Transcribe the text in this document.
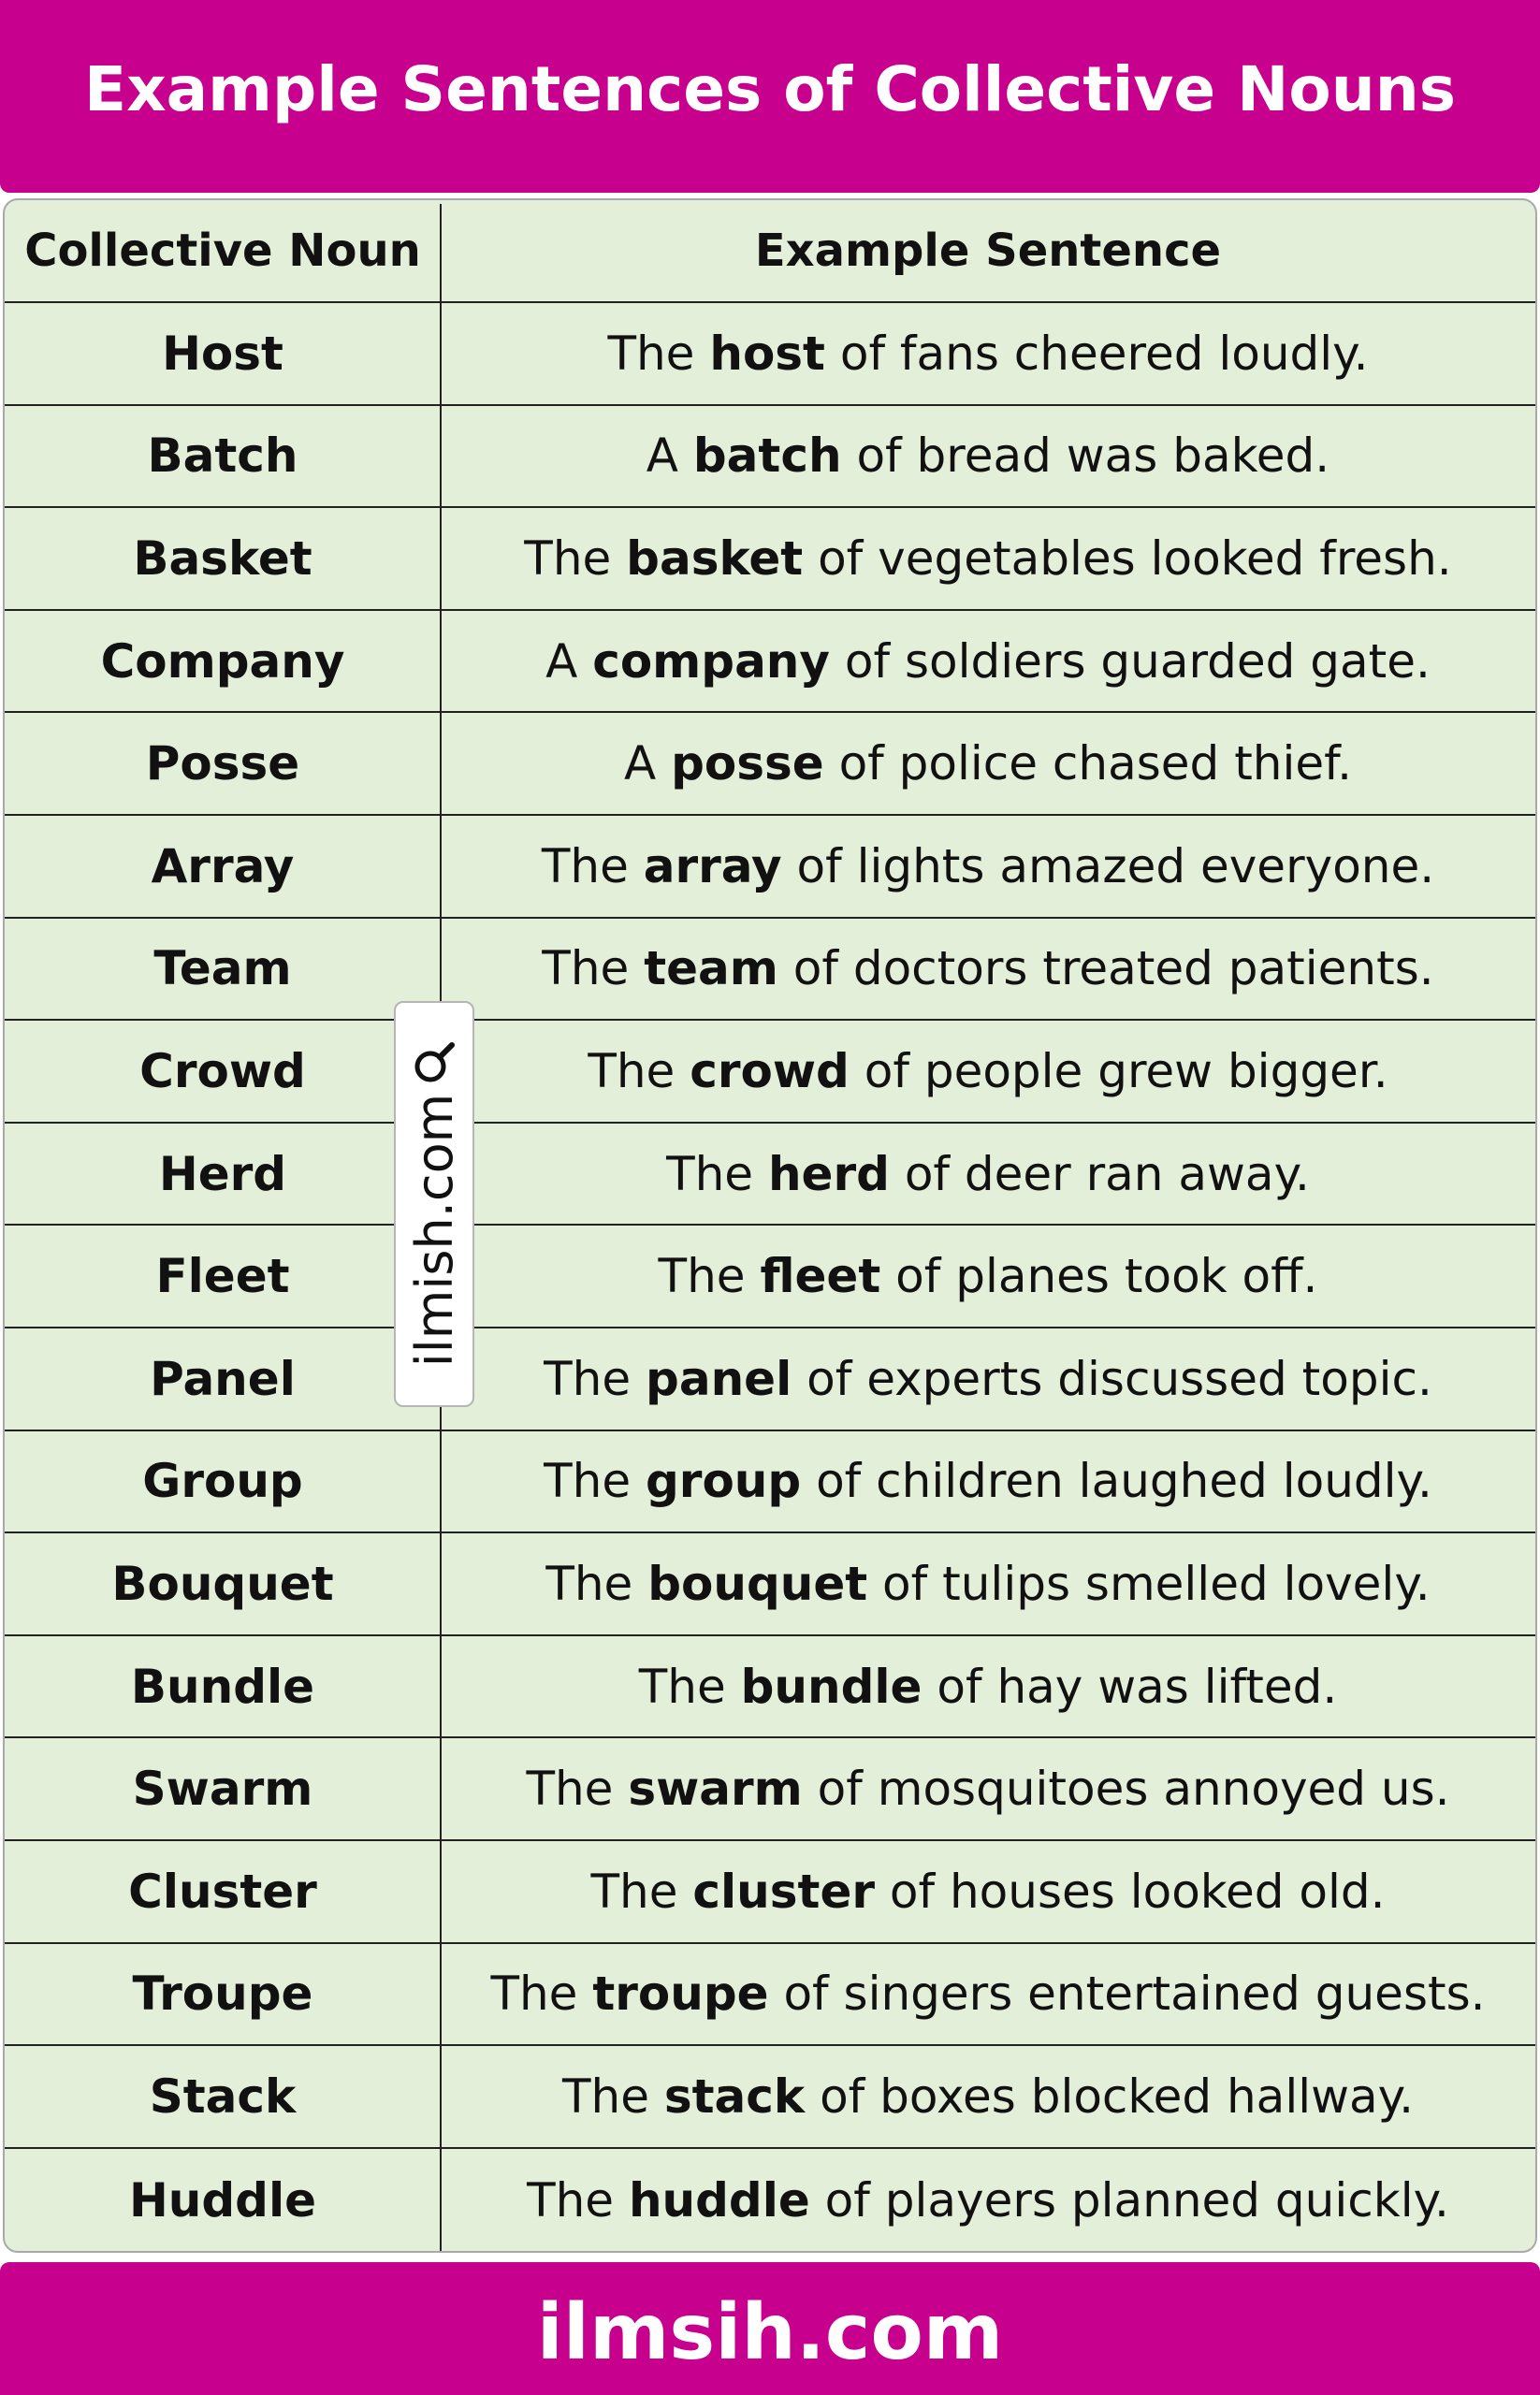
Example Sentences of Collective Nouns
Collective Noun	Example Sentence
Host	The host of fans cheered loudly.
Batch	A batch of bread was baked.
Basket	The basket of vegetables looked fresh.
Company	A company of soldiers guarded gate.
Posse	A posse of police chased thief.
Array	The array of lights amazed everyone.
Team	The team of doctors treated patients.
Crowd	The crowd of people grew bigger.
Herd	The herd of deer ran away.
Fleet	The fleet of planes took off.
Panel	The panel of experts discussed topic.
Group	The group of children laughed loudly.
Bouquet	The bouquet of tulips smelled lovely.
Bundle	The bundle of hay was lifted.
Swarm	The swarm of mosquitoes annoyed us.
Cluster	The cluster of houses looked old.
Troupe	The troupe of singers entertained guests.
Stack	The stack of boxes blocked hallway.
Huddle	The huddle of players planned quickly.
ilmish.com
ilmsih.com
